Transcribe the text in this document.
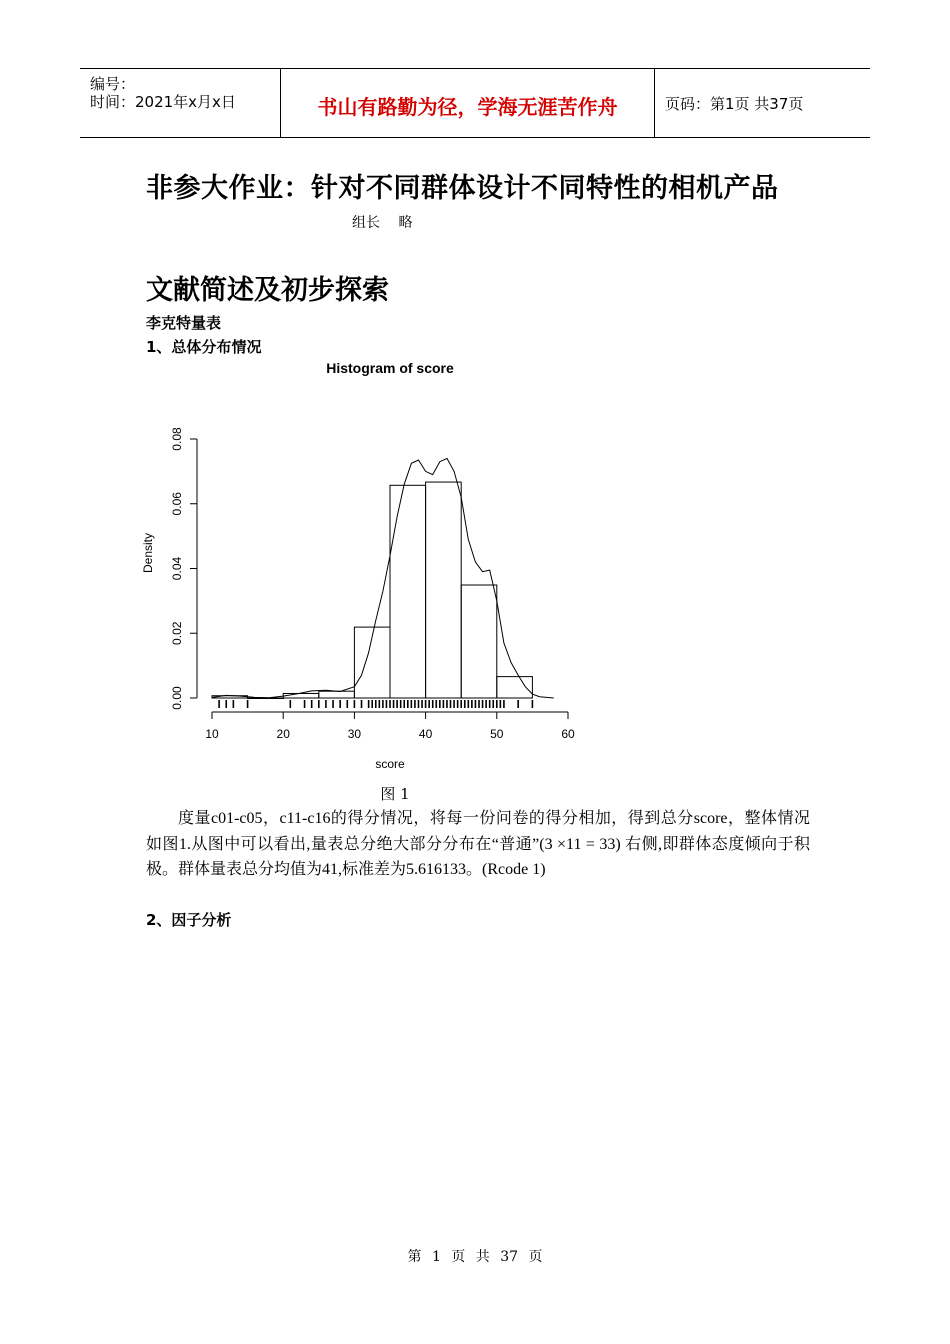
编号：
时间：2021年x月x日	书山有路勤为径，学海无涯苦作舟	页码：第1页 共37页
非参大作业：针对不同群体设计不同特性的相机产品
组长 略
文献简述及初步探索
李克特量表
1、总体分布情况
Histogram of score
10	20	30	40	50	60
score
0.00
0.02
0.04
0.06
0.08
Density
图 1
度量c01-c05，c11-c16的得分情况，将每一份问卷的得分相加，得到总分score，整体情况如图1.从图中可以看出,量表总分绝大部分分布在“普通”(3 ×11 = 33) 右侧,即群体态度倾向于积极。群体量表总分均值为41,标准差为5.616133。(Rcode 1)
2、因子分析
第 1 页 共 37 页
